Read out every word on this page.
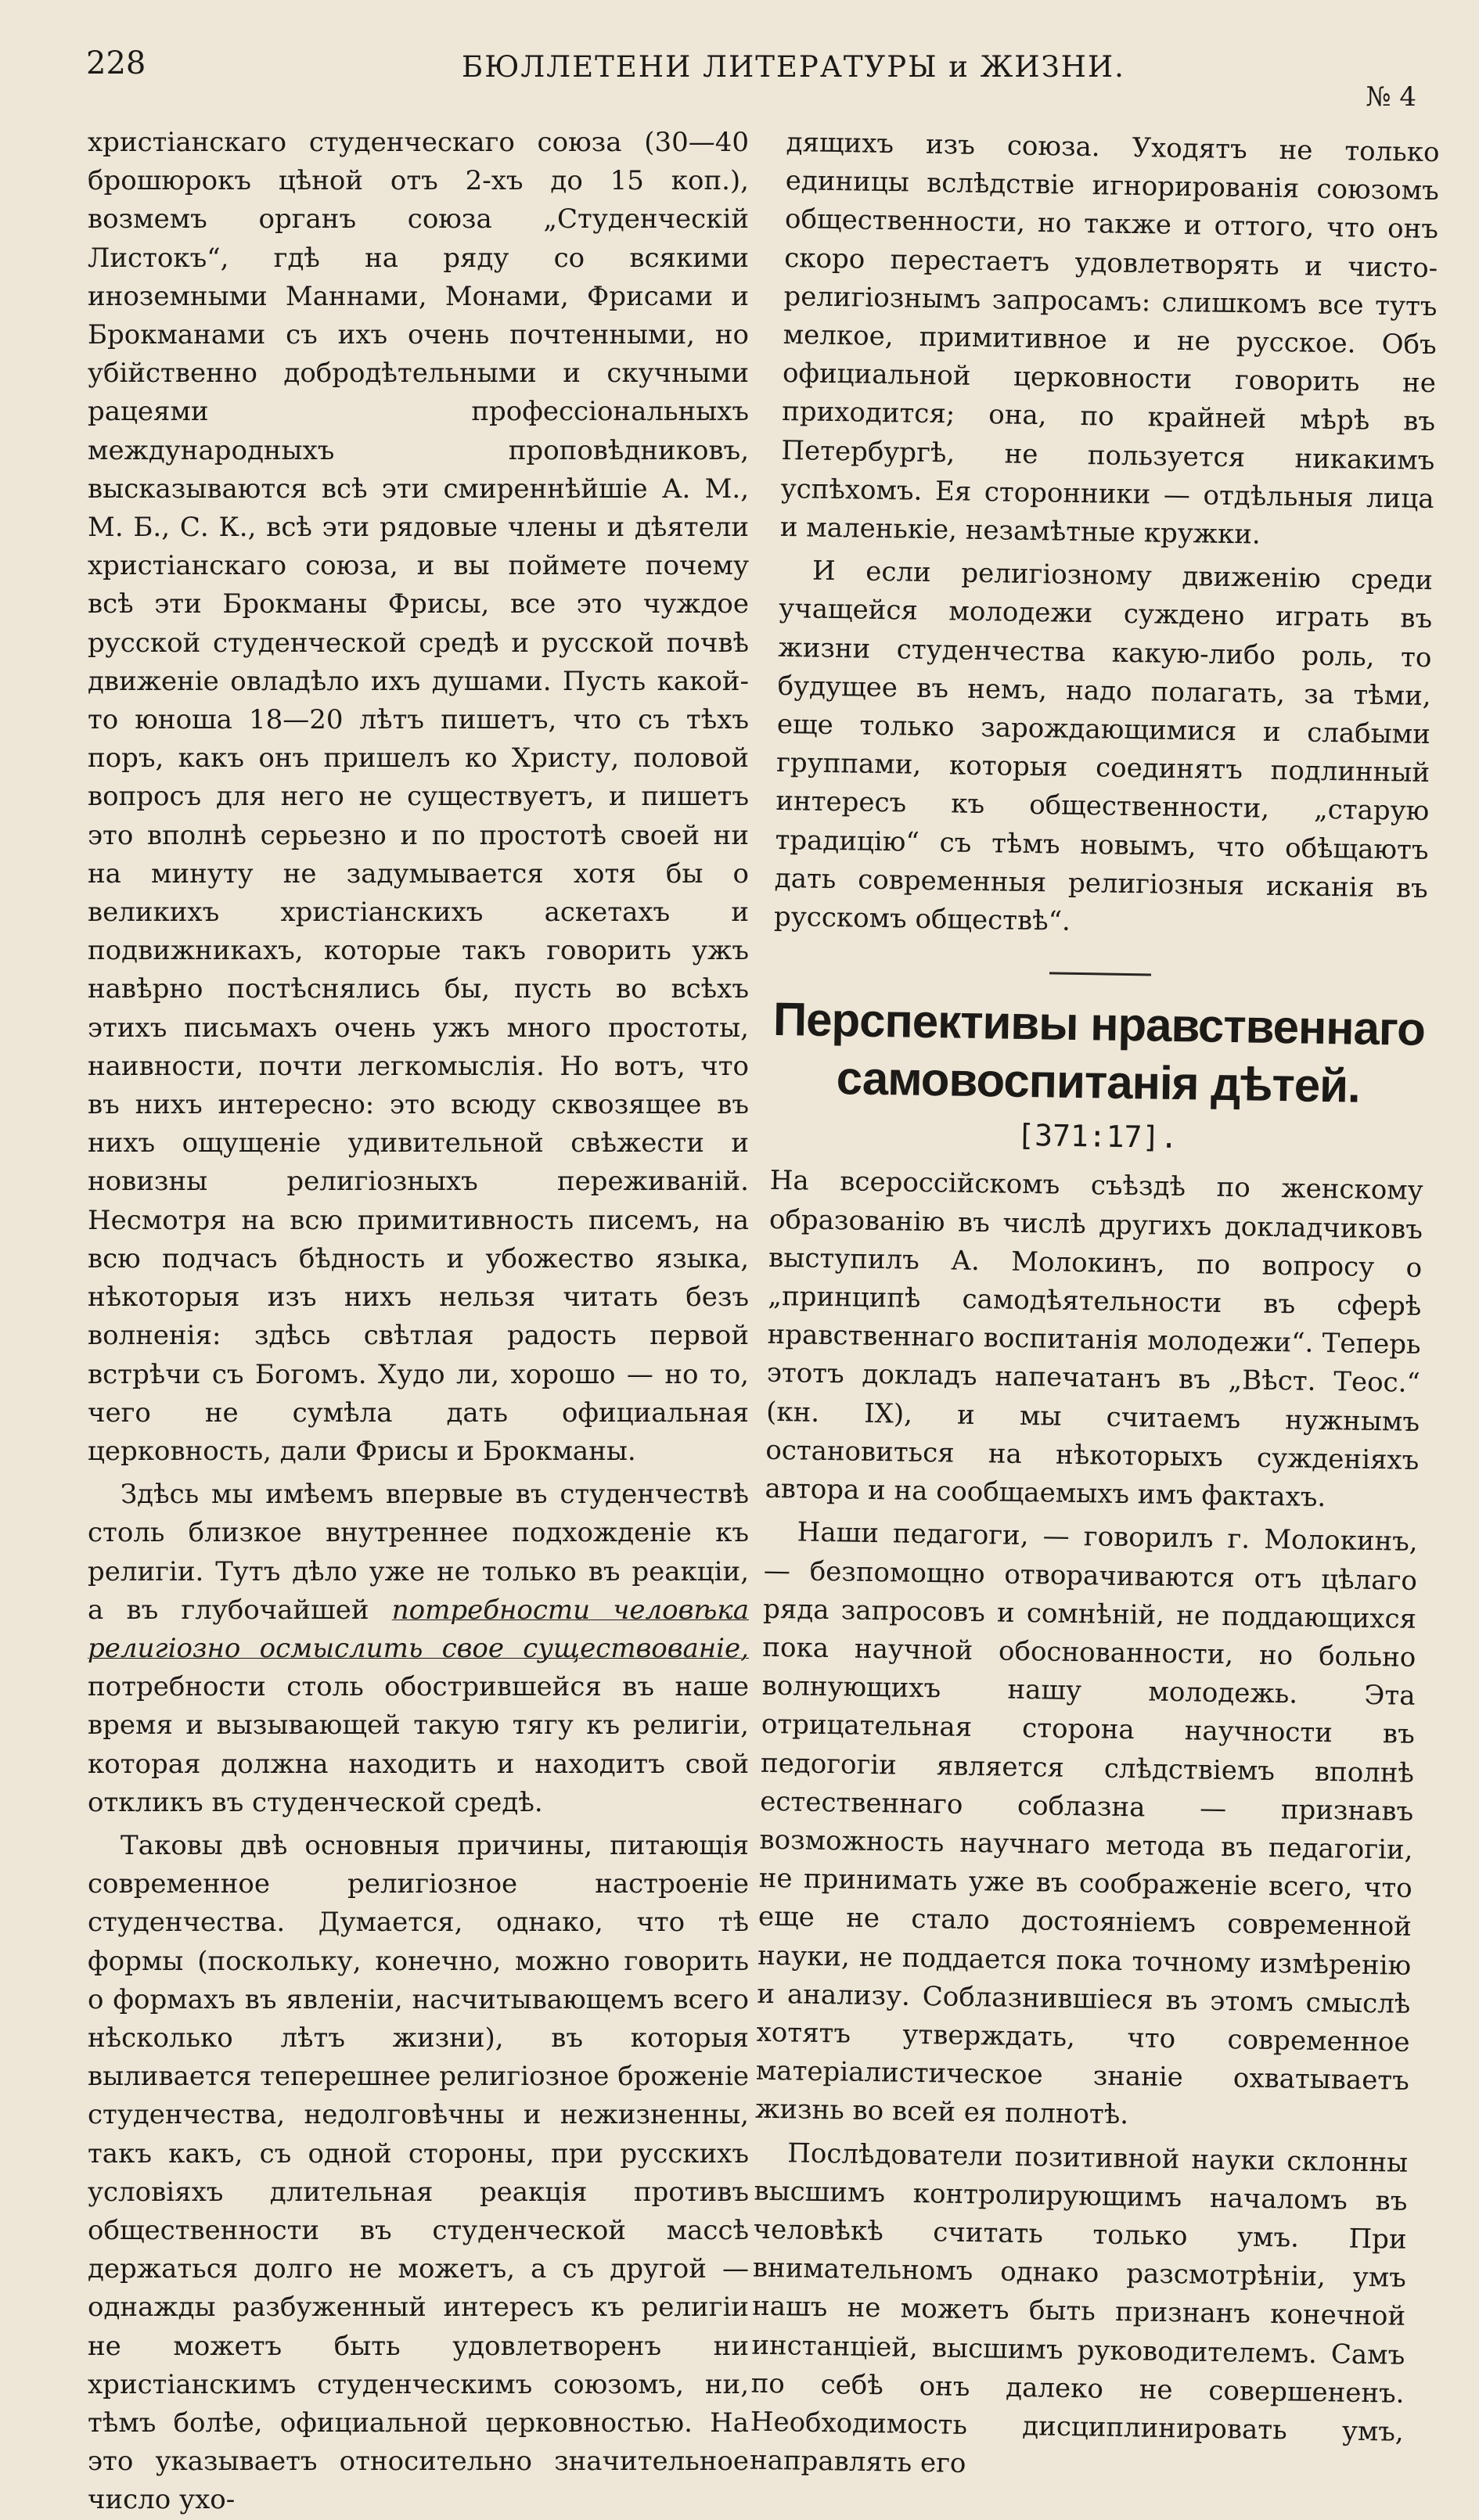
228	БЮЛЛЕТЕНИ ЛИТЕРАТУРЫ и ЖИЗНИ.
№ 4

христіанскаго студенческаго союза (30—40 брошюрокъ цѣной отъ 2-хъ до 15 коп.), возмемъ органъ союза „Студенческій Листокъ“, гдѣ на ряду со всякими иноземными Маннами, Монами, Фрисами и Брокманами съ ихъ очень почтенными, но убійственно добродѣтельными и скучными рацеями профессіональныхъ международныхъ проповѣдниковъ, высказываются всѣ эти смиреннѣйшіе А. М., М. Б., С. К., всѣ эти рядовые члены и дѣятели христіанскаго союза, и вы поймете почему всѣ эти Брокманы Фрисы, все это чуждое русской студенческой средѣ и русской почвѣ движеніе овладѣло ихъ душами. Пусть какой-то юноша 18—20 лѣтъ пишетъ, что съ тѣхъ поръ, какъ онъ пришелъ ко Христу, половой вопросъ для него не существуетъ, и пишетъ это вполнѣ серьезно и по простотѣ своей ни на минуту не задумывается хотя бы о великихъ христіанскихъ аскетахъ и подвижникахъ, которые такъ говорить ужъ навѣрно постѣснялись бы, пусть во всѣхъ этихъ письмахъ очень ужъ много простоты, наивности, почти легкомыслія. Но вотъ, что въ нихъ интересно: это всюду сквозящее въ нихъ ощущеніе удивительной свѣжести и новизны религіозныхъ переживаній. Несмотря на всю примитивность писемъ, на всю подчасъ бѣдность и убожество языка, нѣкоторыя изъ нихъ нельзя читать безъ волненія: здѣсь свѣтлая радость первой встрѣчи съ Богомъ. Худо ли, хорошо — но то, чего не сумѣла дать официальная церковность, дали Фрисы и Брокманы.

Здѣсь мы имѣемъ впервые въ студенчествѣ столь близкое внутреннее подхожденіе къ религіи. Тутъ дѣло уже не только въ реакціи, а въ глубочайшей потребности человѣка религіозно осмыслить свое существованіе, потребности столь обострившейся въ наше время и вызывающей такую тягу къ религіи, которая должна находить и находитъ свой откликъ въ студенческой средѣ.

Таковы двѣ основныя причины, питающія современное религіозное настроеніе студенчества. Думается, однако, что тѣ формы (поскольку, конечно, можно говорить о формахъ въ явленіи, насчитывающемъ всего нѣсколько лѣтъ жизни), въ которыя выливается теперешнее религіозное броженіе студенчества, недолговѣчны и нежизненны, такъ какъ, съ одной стороны, при русскихъ условіяхъ длительная реакція противъ общественности въ студенческой массѣ держаться долго не можетъ, а съ другой — однажды разбуженный интересъ къ религіи не можетъ быть удовлетворенъ ни христіанскимъ студенческимъ союзомъ, ни, тѣмъ болѣе, официальной церковностью. На это указываетъ относительно значительное число ухо-

дящихъ изъ союза. Уходятъ не только единицы вслѣдствіе игнорированія союзомъ общественности, но также и оттого, что онъ скоро перестаетъ удовлетворять и чисто-религіознымъ запросамъ: слишкомъ все тутъ мелкое, примитивное и не русское. Объ официальной церковности говорить не приходится; она, по крайней мѣрѣ въ Петербургѣ, не пользуется никакимъ успѣхомъ. Ея сторонники — отдѣльныя лица и маленькіе, незамѣтные кружки.

И если религіозному движенію среди учащейся молодежи суждено играть въ жизни студенчества какую-либо роль, то будущее въ немъ, надо полагать, за тѣми, еще только зарождающимися и слабыми группами, которыя соединятъ подлинный интересъ къ общественности, „старую традицію“ съ тѣмъ новымъ, что обѣщаютъ дать современныя религіозныя исканія въ русскомъ обществѣ“.

Перспективы нравственнаго самовоспитанія дѣтей.
[371:17].

На всероссійскомъ съѣздѣ по женскому образованію въ числѣ другихъ докладчиковъ выступилъ А. Молокинъ, по вопросу о „принципѣ самодѣятельности въ сферѣ нравственнаго воспитанія молодежи“. Теперь этотъ докладъ напечатанъ въ „Вѣст. Теос.“ (кн. IX), и мы считаемъ нужнымъ остановиться на нѣкоторыхъ сужденіяхъ автора и на сообщаемыхъ имъ фактахъ.

Наши педагоги, — говорилъ г. Молокинъ, — безпомощно отворачиваются отъ цѣлаго ряда запросовъ и сомнѣній, не поддающихся пока научной обоснованности, но больно волнующихъ нашу молодежь. Эта отрицательная сторона научности въ педогогіи является слѣдствіемъ вполнѣ естественнаго соблазна — признавъ возможность научнаго метода въ педагогіи, не принимать уже въ соображеніе всего, что еще не стало достояніемъ современной науки, не поддается пока точному измѣренію и анализу. Соблазнившіеся въ этомъ смыслѣ хотятъ утверждать, что современное матеріалистическое знаніе охватываетъ жизнь во всей ея полнотѣ.

Послѣдователи позитивной науки склонны высшимъ контролирующимъ началомъ въ человѣкѣ считать только умъ. При внимательномъ однако разсмотрѣніи, умъ нашъ не можетъ быть признанъ конечной инстанціей, высшимъ руководителемъ. Самъ по себѣ онъ далеко не совершененъ. Необходимость дисциплинировать умъ, направлять его
